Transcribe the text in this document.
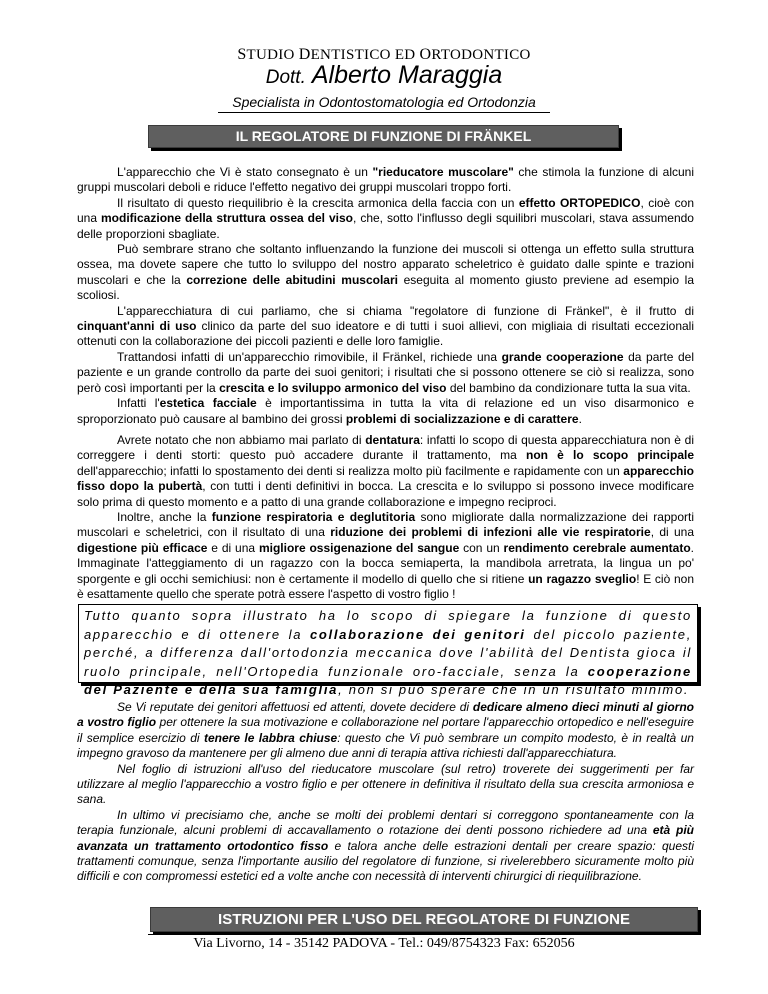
STUDIO DENTISTICO ED ORTODONTICO
Dott. Alberto Maraggia
Specialista in Odontostomatologia ed Ortodonzia
IL REGOLATORE DI FUNZIONE DI FRÄNKEL

L'apparecchio che Vi è stato consegnato è un "rieducatore muscolare" che stimola la funzione di alcuni gruppi muscolari deboli e riduce l'effetto negativo dei gruppi muscolari troppo forti.

Il risultato di questo riequilibrio è la crescita armonica della faccia con un effetto ORTOPEDICO, cioè con una modificazione della struttura ossea del viso, che, sotto l'influsso degli squilibri muscolari, stava assumendo delle proporzioni sbagliate.

Può sembrare strano che soltanto influenzando la funzione dei muscoli si ottenga un effetto sulla struttura ossea, ma dovete sapere che tutto lo sviluppo del nostro apparato scheletrico è guidato dalle spinte e trazioni muscolari e che la correzione delle abitudini muscolari eseguita al momento giusto previene ad esempio la scoliosi.

L'apparecchiatura di cui parliamo, che si chiama "regolatore di funzione di Fränkel", è il frutto di cinquant'anni di uso clinico da parte del suo ideatore e di tutti i suoi allievi, con migliaia di risultati eccezionali ottenuti con la collaborazione dei piccoli pazienti e delle loro famiglie.

Trattandosi infatti di un'apparecchio rimovibile, il Fränkel, richiede una grande cooperazione da parte del paziente e un grande controllo da parte dei suoi genitori; i risultati che si possono ottenere se ciò si realizza, sono però così importanti per la crescita e lo sviluppo armonico del viso del bambino da condizionare tutta la sua vita.

Infatti l'estetica facciale è importantissima in tutta la vita di relazione ed un viso disarmonico e sproporzionato può causare al bambino dei grossi problemi di socializzazione e di carattere.

Avrete notato che non abbiamo mai parlato di dentatura: infatti lo scopo di questa apparecchiatura non è di correggere i denti storti: questo può accadere durante il trattamento, ma non è lo scopo principale dell'apparecchio; infatti lo spostamento dei denti si realizza molto più facilmente e rapidamente con un apparecchio fisso dopo la pubertà, con tutti i denti definitivi in bocca. La crescita e lo sviluppo si possono invece modificare solo prima di questo momento e a patto di una grande collaborazione e impegno reciproci.

Inoltre, anche la funzione respiratoria e deglutitoria sono migliorate dalla normalizzazione dei rapporti muscolari e scheletrici, con il risultato di una riduzione dei problemi di infezioni alle vie respiratorie, di una digestione più efficace e di una migliore ossigenazione del sangue con un rendimento cerebrale aumentato. Immaginate l'atteggiamento di un ragazzo con la bocca semiaperta, la mandibola arretrata, la lingua un po' sporgente e gli occhi semichiusi: non è certamente il modello di quello che si ritiene un ragazzo sveglio! E ciò non è esattamente quello che sperate potrà essere l'aspetto di vostro figlio !

Tutto quanto sopra illustrato ha lo scopo di spiegare la funzione di questo apparecchio e di ottenere la collaborazione dei genitori del piccolo paziente, perché, a differenza dall'ortodonzia meccanica dove l'abilità del Dentista gioca il ruolo principale, nell'Ortopedia funzionale oro-facciale, senza la cooperazione del Paziente e della sua famiglia, non si può sperare che in un risultato minimo.

Se Vi reputate dei genitori affettuosi ed attenti, dovete decidere di dedicare almeno dieci minuti al giorno a vostro figlio per ottenere la sua motivazione e collaborazione nel portare l'apparecchio ortopedico e nell'eseguire il semplice esercizio di tenere le labbra chiuse: questo che Vi può sembrare un compito modesto, è in realtà un impegno gravoso da mantenere per gli almeno due anni di terapia attiva richiesti dall'apparecchiatura.

Nel foglio di istruzioni all'uso del rieducatore muscolare (sul retro) troverete dei suggerimenti per far utilizzare al meglio l'apparecchio a vostro figlio e per ottenere in definitiva il risultato della sua crescita armoniosa e sana.

In ultimo vi precisiamo che, anche se molti dei problemi dentari si correggono spontaneamente con la terapia funzionale, alcuni problemi di accavallamento o rotazione dei denti possono richiedere ad una età più avanzata un trattamento ortodontico fisso e talora anche delle estrazioni dentali per creare spazio: questi trattamenti comunque, senza l'importante ausilio del regolatore di funzione, si rivelerebbero sicuramente molto più difficili e con compromessi estetici ed a volte anche con necessità di interventi chirurgici di riequilibrazione.

ISTRUZIONI PER L'USO DEL REGOLATORE DI FUNZIONE
Via Livorno, 14 - 35142 PADOVA - Tel.: 049/8754323 Fax: 652056
